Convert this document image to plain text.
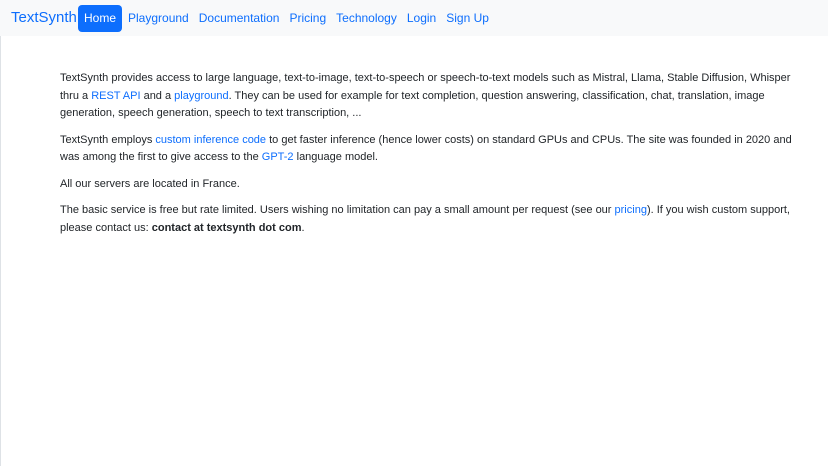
TextSynth Home	Playground Documentation Pricing Technology Login Sign Up

TextSynth provides access to large language, text-to-image, text-to-speech or speech-to-text models such as Mistral, Llama, Stable Diffusion, Whisper thru a REST API and a playground. They can be used for example for text completion, question answering, classification, chat, translation, image generation, speech generation, speech to text transcription, ...

TextSynth employs custom inference code to get faster inference (hence lower costs) on standard GPUs and CPUs. The site was founded in 2020 and was among the first to give access to the GPT-2 language model.

All our servers are located in France.

The basic service is free but rate limited. Users wishing no limitation can pay a small amount per request (see our pricing). If you wish custom support, please contact us: contact at textsynth dot com.
